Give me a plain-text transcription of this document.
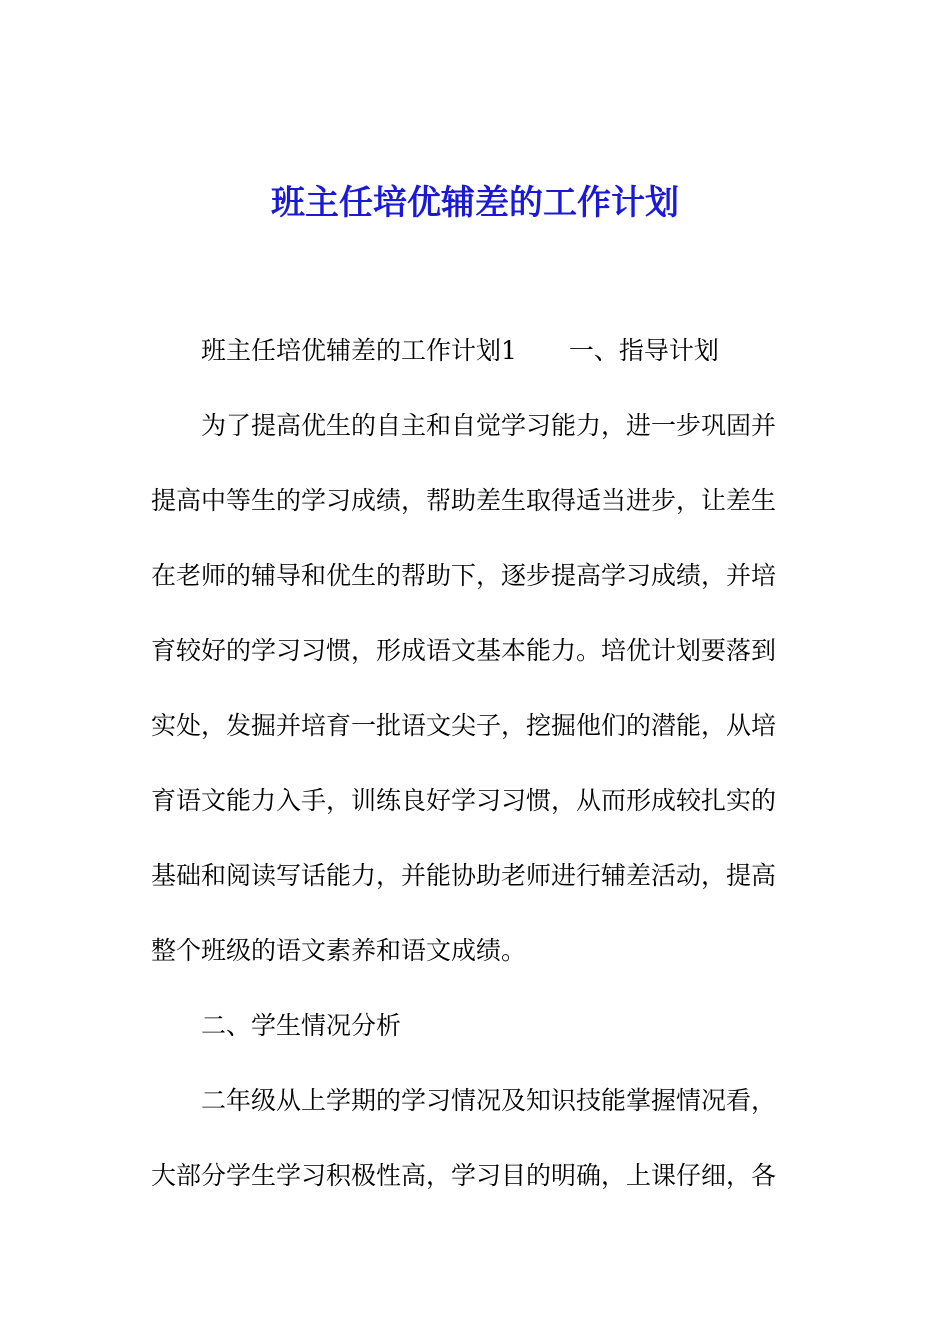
班主任培优辅差的工作计划

班主任培优辅差的工作计划1 一、指导计划

为了提高优生的自主和自觉学习能力，进一步巩固并

提高中等生的学习成绩，帮助差生取得适当进步，让差生

在老师的辅导和优生的帮助下，逐步提高学习成绩，并培

育较好的学习习惯，形成语文基本能力。培优计划要落到

实处，发掘并培育一批语文尖子，挖掘他们的潜能，从培

育语文能力入手，训练良好学习习惯，从而形成较扎实的

基础和阅读写话能力，并能协助老师进行辅差活动，提高

整个班级的语文素养和语文成绩。

二、学生情况分析

二年级从上学期的学习情况及知识技能掌握情况看，

大部分学生学习积极性高，学习目的明确，上课仔细，各
